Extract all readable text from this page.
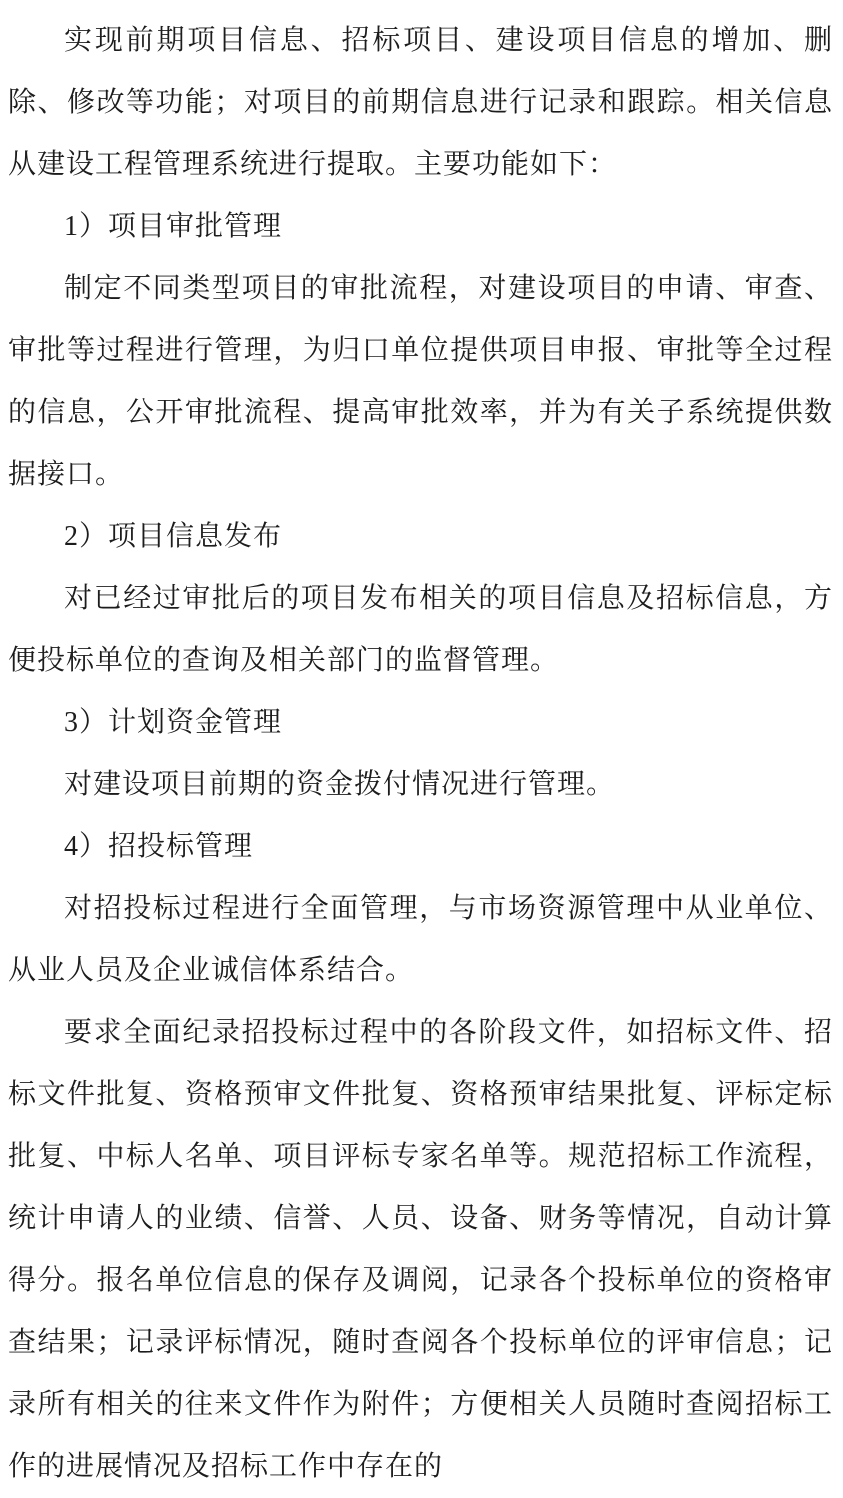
实现前期项目信息、招标项目、建设项目信息的增加、删除、修改等功能；对项目的前期信息进行记录和跟踪。相关信息从建设工程管理系统进行提取。主要功能如下：

1）项目审批管理

制定不同类型项目的审批流程，对建设项目的申请、审查、审批等过程进行管理，为归口单位提供项目申报、审批等全过程的信息，公开审批流程、提高审批效率，并为有关子系统提供数据接口。

2）项目信息发布

对已经过审批后的项目发布相关的项目信息及招标信息，方便投标单位的查询及相关部门的监督管理。

3）计划资金管理

对建设项目前期的资金拨付情况进行管理。

4）招投标管理

对招投标过程进行全面管理，与市场资源管理中从业单位、从业人员及企业诚信体系结合。

要求全面纪录招投标过程中的各阶段文件，如招标文件、招标文件批复、资格预审文件批复、资格预审结果批复、评标定标批复、中标人名单、项目评标专家名单等。规范招标工作流程，统计申请人的业绩、信誉、人员、设备、财务等情况，自动计算得分。报名单位信息的保存及调阅，记录各个投标单位的资格审查结果；记录评标情况，随时查阅各个投标单位的评审信息；记录所有相关的往来文件作为附件；方便相关人员随时查阅招标工作的进展情况及招标工作中存在的
